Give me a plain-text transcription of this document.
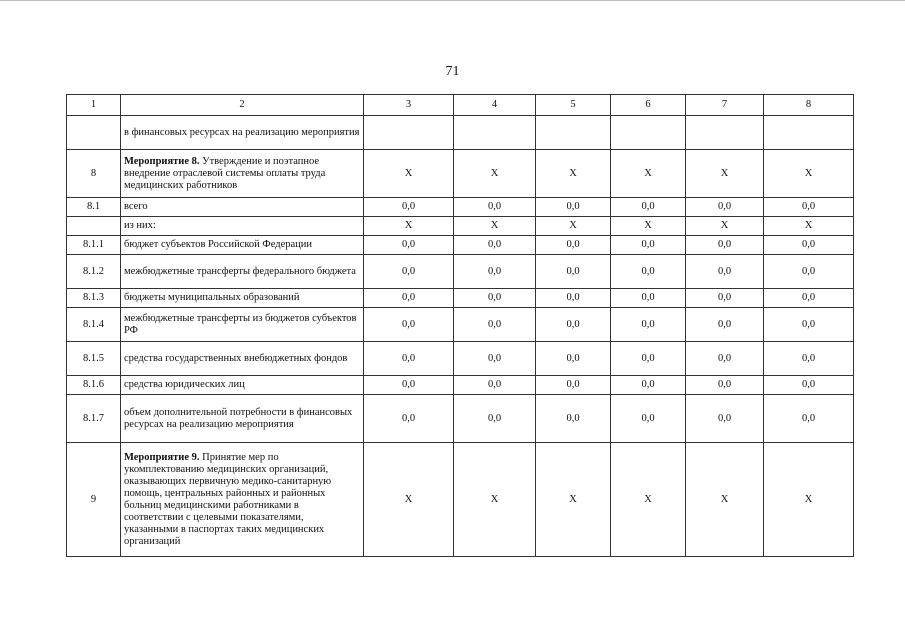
71
1	2	3	4	5	6	7	8
	в финансовых ресурсах на реализацию мероприятия						
8	Мероприятие 8. Утверждение и поэтапное внедрение отраслевой системы оплаты труда медицинских работников	Х	Х	Х	Х	Х	Х
8.1	всего	0,0	0,0	0,0	0,0	0,0	0,0
	из них:	Х	Х	Х	Х	Х	Х
8.1.1	бюджет субъектов Российской Федерации	0,0	0,0	0,0	0,0	0,0	0,0
8.1.2	межбюджетные трансферты федерального бюджета	0,0	0,0	0,0	0,0	0,0	0,0
8.1.3	бюджеты муниципальных образований	0,0	0,0	0,0	0,0	0,0	0,0
8.1.4	межбюджетные трансферты из бюджетов субъектов РФ	0,0	0,0	0,0	0,0	0,0	0,0
8.1.5	средства государственных внебюджетных фондов	0,0	0,0	0,0	0,0	0,0	0,0
8.1.6	средства юридических лиц	0,0	0,0	0,0	0,0	0,0	0,0
8.1.7	объем дополнительной потребности в финансовых ресурсах на реализацию мероприятия	0,0	0,0	0,0	0,0	0,0	0,0
9	Мероприятие 9. Принятие мер по укомплектованию медицинских организаций, оказывающих первичную медико-санитарную помощь, центральных районных и районных больниц медицинскими работниками в соответствии с целевыми показателями, указанными в паспортах таких медицинских организаций	Х	Х	Х	Х	Х	Х
